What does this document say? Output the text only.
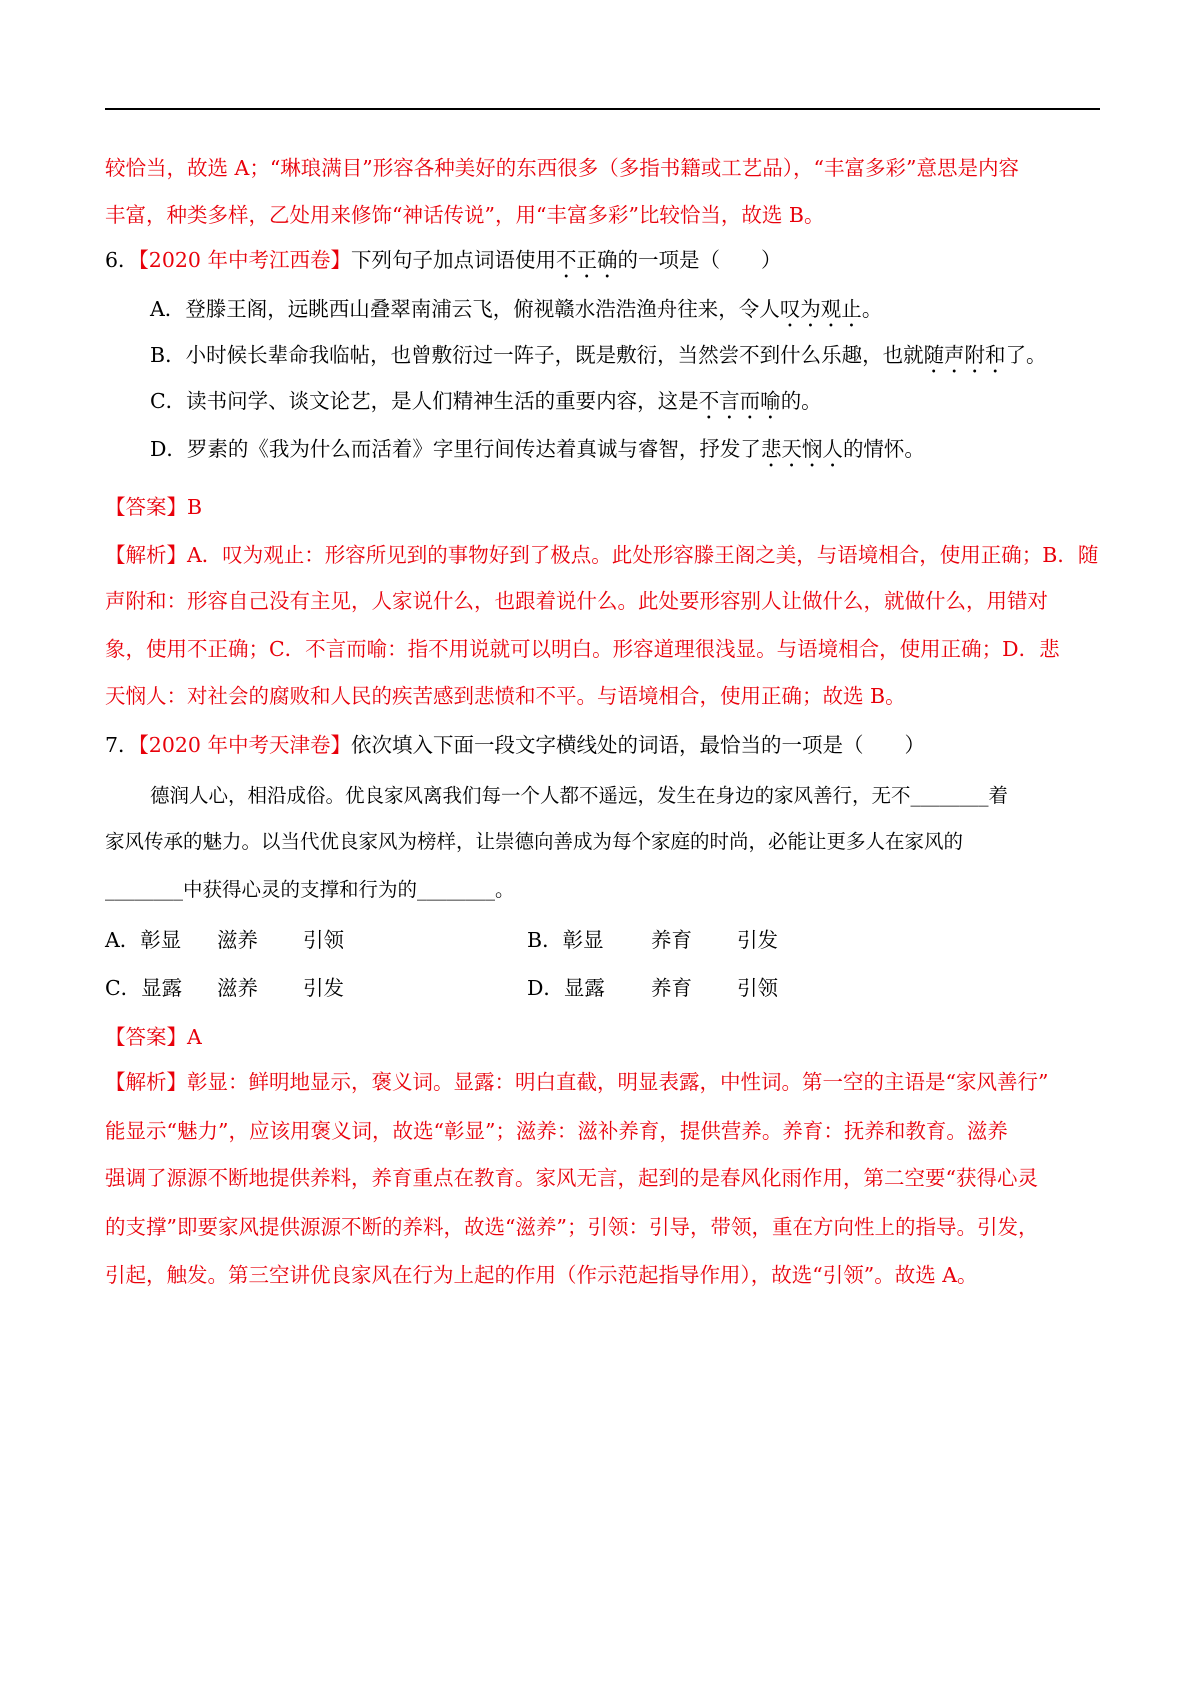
较恰当，故选 A；“琳琅满目”形容各种美好的东西很多（多指书籍或工艺品），“丰富多彩”意思是内容
丰富，种类多样，乙处用来修饰“神话传说”，用“丰富多彩”比较恰当，故选 B。
6．【2020 年中考江西卷】下列句子加点词语使用不正确的一项是（　　）
A．登滕王阁，远眺西山叠翠南浦云飞，俯视赣水浩浩渔舟往来，令人叹为观止。
B．小时候长辈命我临帖，也曾敷衍过一阵子，既是敷衍，当然尝不到什么乐趣，也就随声附和了。
C．读书问学、谈文论艺，是人们精神生活的重要内容，这是不言而喻的。
D．罗素的《我为什么而活着》字里行间传达着真诚与睿智，抒发了悲天悯人的情怀。
【答案】B
【解析】A．叹为观止：形容所见到的事物好到了极点。此处形容滕王阁之美，与语境相合，使用正确；B．随
声附和：形容自己没有主见，人家说什么，也跟着说什么。此处要形容别人让做什么，就做什么，用错对
象，使用不正确；C．不言而喻：指不用说就可以明白。形容道理很浅显。与语境相合，使用正确；D．悲
天悯人：对社会的腐败和人民的疾苦感到悲愤和不平。与语境相合，使用正确；故选 B。
7．【2020 年中考天津卷】依次填入下面一段文字横线处的词语，最恰当的一项是（　　）
德润人心，相沿成俗。优良家风离我们每一个人都不遥远，发生在身边的家风善行，无不________着
家风传承的魅力。以当代优良家风为榜样，让崇德向善成为每个家庭的时尚，必能让更多人在家风的
________中获得心灵的支撑和行为的________。
A．彰显 滋养 引领	B．彰显 养育 引发
C．显露 滋养 引发	D．显露 养育 引领
【答案】A
【解析】彰显：鲜明地显示，褒义词。显露：明白直截，明显表露，中性词。第一空的主语是“家风善行”
能显示“魅力”，应该用褒义词，故选“彰显”；滋养：滋补养育，提供营养。养育：抚养和教育。滋养
强调了源源不断地提供养料，养育重点在教育。家风无言，起到的是春风化雨作用，第二空要“获得心灵
的支撑”即要家风提供源源不断的养料，故选“滋养”；引领：引导，带领，重在方向性上的指导。引发，
引起，触发。第三空讲优良家风在行为上起的作用（作示范起指导作用），故选“引领”。故选 A。
